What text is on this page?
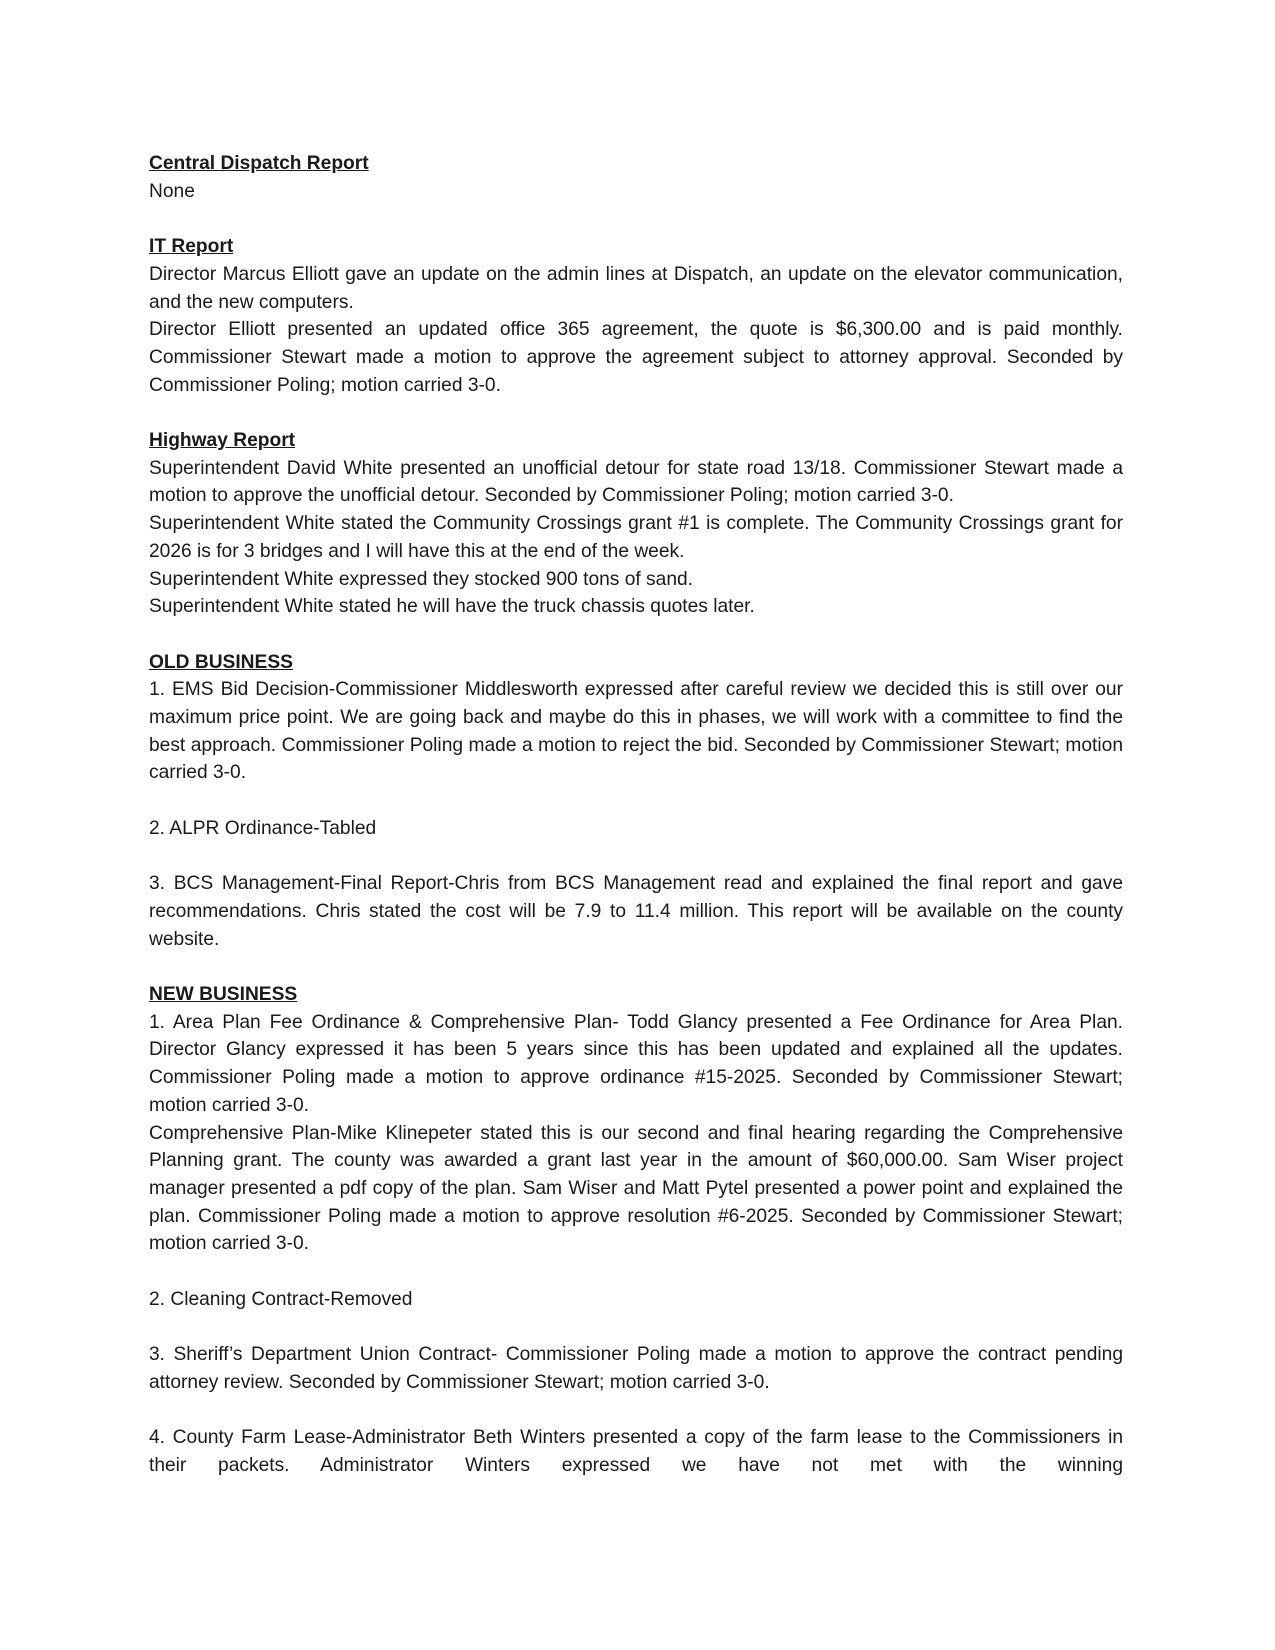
Central Dispatch Report
None
IT Report
Director Marcus Elliott gave an update on the admin lines at Dispatch, an update on the elevator communication, and the new computers.
Director Elliott presented an updated office 365 agreement, the quote is $6,300.00 and is paid monthly. Commissioner Stewart made a motion to approve the agreement subject to attorney approval. Seconded by Commissioner Poling; motion carried 3-0.
Highway Report
Superintendent David White presented an unofficial detour for state road 13/18. Commissioner Stewart made a motion to approve the unofficial detour. Seconded by Commissioner Poling; motion carried 3-0.
Superintendent White stated the Community Crossings grant #1 is complete. The Community Crossings grant for 2026 is for 3 bridges and I will have this at the end of the week.
Superintendent White expressed they stocked 900 tons of sand.
Superintendent White stated he will have the truck chassis quotes later.
OLD BUSINESS
1. EMS Bid Decision-Commissioner Middlesworth expressed after careful review we decided this is still over our maximum price point. We are going back and maybe do this in phases, we will work with a committee to find the best approach. Commissioner Poling made a motion to reject the bid. Seconded by Commissioner Stewart; motion carried 3-0.
2. ALPR Ordinance-Tabled
3. BCS Management-Final Report-Chris from BCS Management read and explained the final report and gave recommendations. Chris stated the cost will be 7.9 to 11.4 million. This report will be available on the county website.
NEW BUSINESS
1. Area Plan Fee Ordinance & Comprehensive Plan- Todd Glancy presented a Fee Ordinance for Area Plan. Director Glancy expressed it has been 5 years since this has been updated and explained all the updates. Commissioner Poling made a motion to approve ordinance #15-2025. Seconded by Commissioner Stewart; motion carried 3-0.
Comprehensive Plan-Mike Klinepeter stated this is our second and final hearing regarding the Comprehensive Planning grant. The county was awarded a grant last year in the amount of $60,000.00. Sam Wiser project manager presented a pdf copy of the plan. Sam Wiser and Matt Pytel presented a power point and explained the plan. Commissioner Poling made a motion to approve resolution #6-2025. Seconded by Commissioner Stewart; motion carried 3-0.
2. Cleaning Contract-Removed
3. Sheriff’s Department Union Contract- Commissioner Poling made a motion to approve the contract pending attorney review. Seconded by Commissioner Stewart; motion carried 3-0.
4. County Farm Lease-Administrator Beth Winters presented a copy of the farm lease to the Commissioners in their packets. Administrator Winters expressed we have not met with the winning
